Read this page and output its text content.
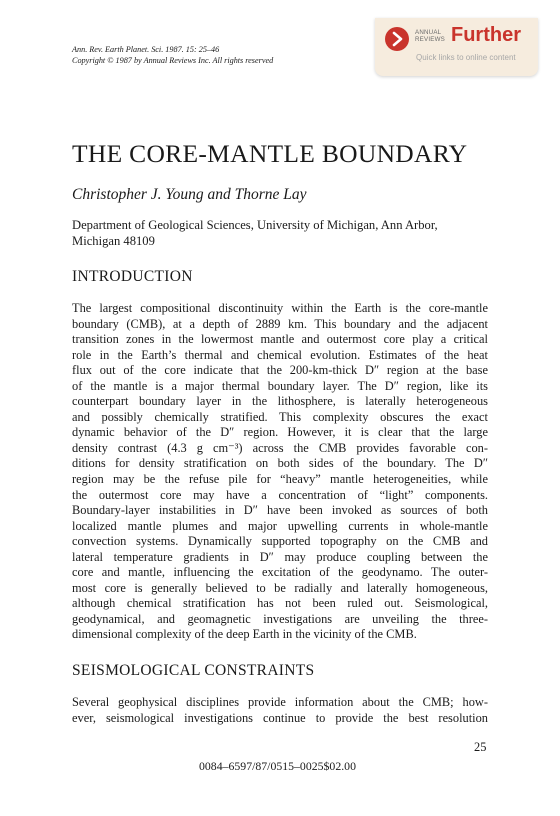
Ann. Rev. Earth Planet. Sci. 1987. 15: 25–46
Copyright © 1987 by Annual Reviews Inc. All rights reserved
ANNUAL
REVIEWS Further
Quick links to online content
THE CORE-MANTLE BOUNDARY
Christopher J. Young and Thorne Lay
Department of Geological Sciences, University of Michigan, Ann Arbor,
Michigan 48109
INTRODUCTION
The largest compositional discontinuity within the Earth is the core-mantle
boundary (CMB), at a depth of 2889 km. This boundary and the adjacent
transition zones in the lowermost mantle and outermost core play a critical
role in the Earth’s thermal and chemical evolution. Estimates of the heat
flux out of the core indicate that the 200-km-thick D″ region at the base
of the mantle is a major thermal boundary layer. The D″ region, like its
counterpart boundary layer in the lithosphere, is laterally heterogeneous
and possibly chemically stratified. This complexity obscures the exact
dynamic behavior of the D″ region. However, it is clear that the large
density contrast (4.3 g cm⁻³) across the CMB provides favorable con-
ditions for density stratification on both sides of the boundary. The D″
region may be the refuse pile for “heavy” mantle heterogeneities, while
the outermost core may have a concentration of “light” components.
Boundary-layer instabilities in D″ have been invoked as sources of both
localized mantle plumes and major upwelling currents in whole-mantle
convection systems. Dynamically supported topography on the CMB and
lateral temperature gradients in D″ may produce coupling between the
core and mantle, influencing the excitation of the geodynamo. The outer-
most core is generally believed to be radially and laterally homogeneous,
although chemical stratification has not been ruled out. Seismological,
geodynamical, and geomagnetic investigations are unveiling the three-
dimensional complexity of the deep Earth in the vicinity of the CMB.
SEISMOLOGICAL CONSTRAINTS
Several geophysical disciplines provide information about the CMB; how-
ever, seismological investigations continue to provide the best resolution
25
0084–6597/87/0515–0025$02.00
